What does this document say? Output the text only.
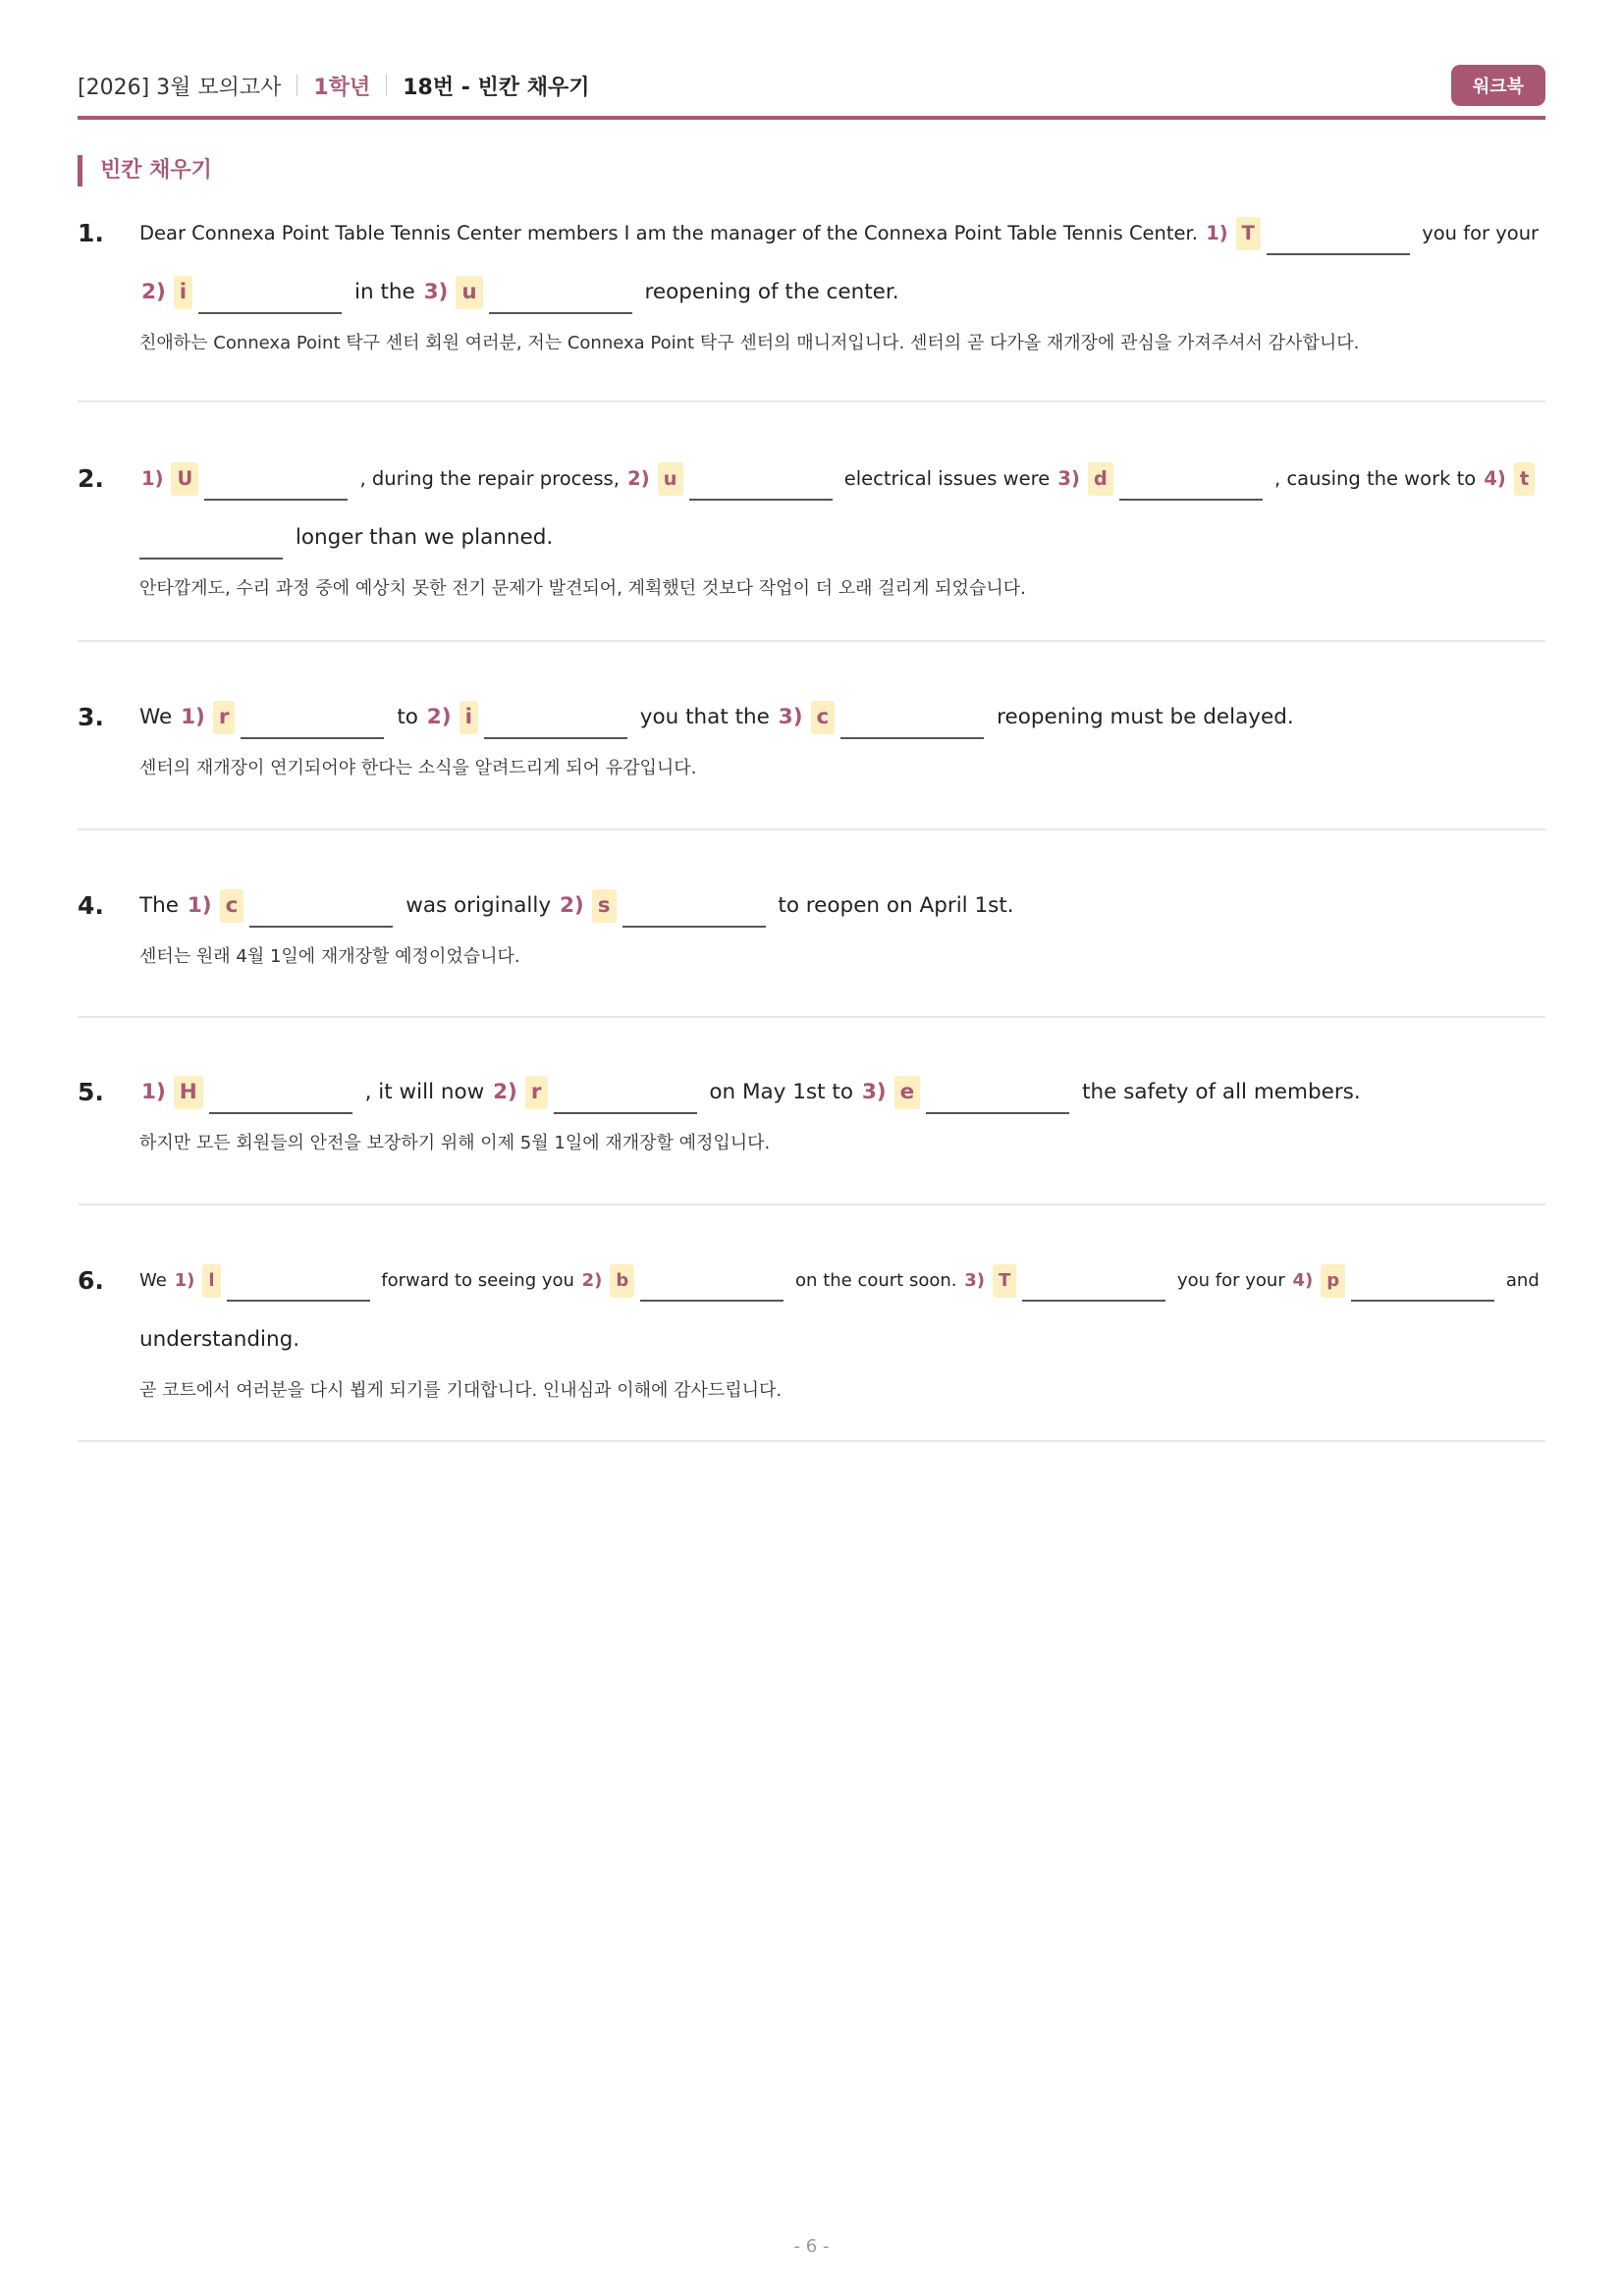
[2026] 3월 모의고사 1학년 18번 - 빈칸 채우기	워크북
빈칸 채우기
1. Dear Connexa Point Table Tennis Center members I am the manager of the Connexa Point Table Tennis Center. 1) T	you for your
2) i	in the 3) u	reopening of the center.
친애하는 Connexa Point 탁구 센터 회원 여러분, 저는 Connexa Point 탁구 센터의 매니저입니다. 센터의 곧 다가올 재개장에 관심을 가져주셔서 감사합니다.
2. 1) U	, during the repair process, 2) u	electrical issues were 3) d	, causing the work to 4) t
longer than we planned.
안타깝게도, 수리 과정 중에 예상치 못한 전기 문제가 발견되어, 계획했던 것보다 작업이 더 오래 걸리게 되었습니다.
3. We 1) r	to 2) i	you that the 3) c	reopening must be delayed.
센터의 재개장이 연기되어야 한다는 소식을 알려드리게 되어 유감입니다.
4. The 1) c	was originally 2) s	to reopen on April 1st.
센터는 원래 4월 1일에 재개장할 예정이었습니다.
5. 1) H	, it will now 2) r	on May 1st to 3) e	the safety of all members.
하지만 모든 회원들의 안전을 보장하기 위해 이제 5월 1일에 재개장할 예정입니다.
6. We 1) l	forward to seeing you 2) b	on the court soon. 3) T	you for your 4) p	and
understanding.
곧 코트에서 여러분을 다시 뵙게 되기를 기대합니다. 인내심과 이해에 감사드립니다.
- 6 -
